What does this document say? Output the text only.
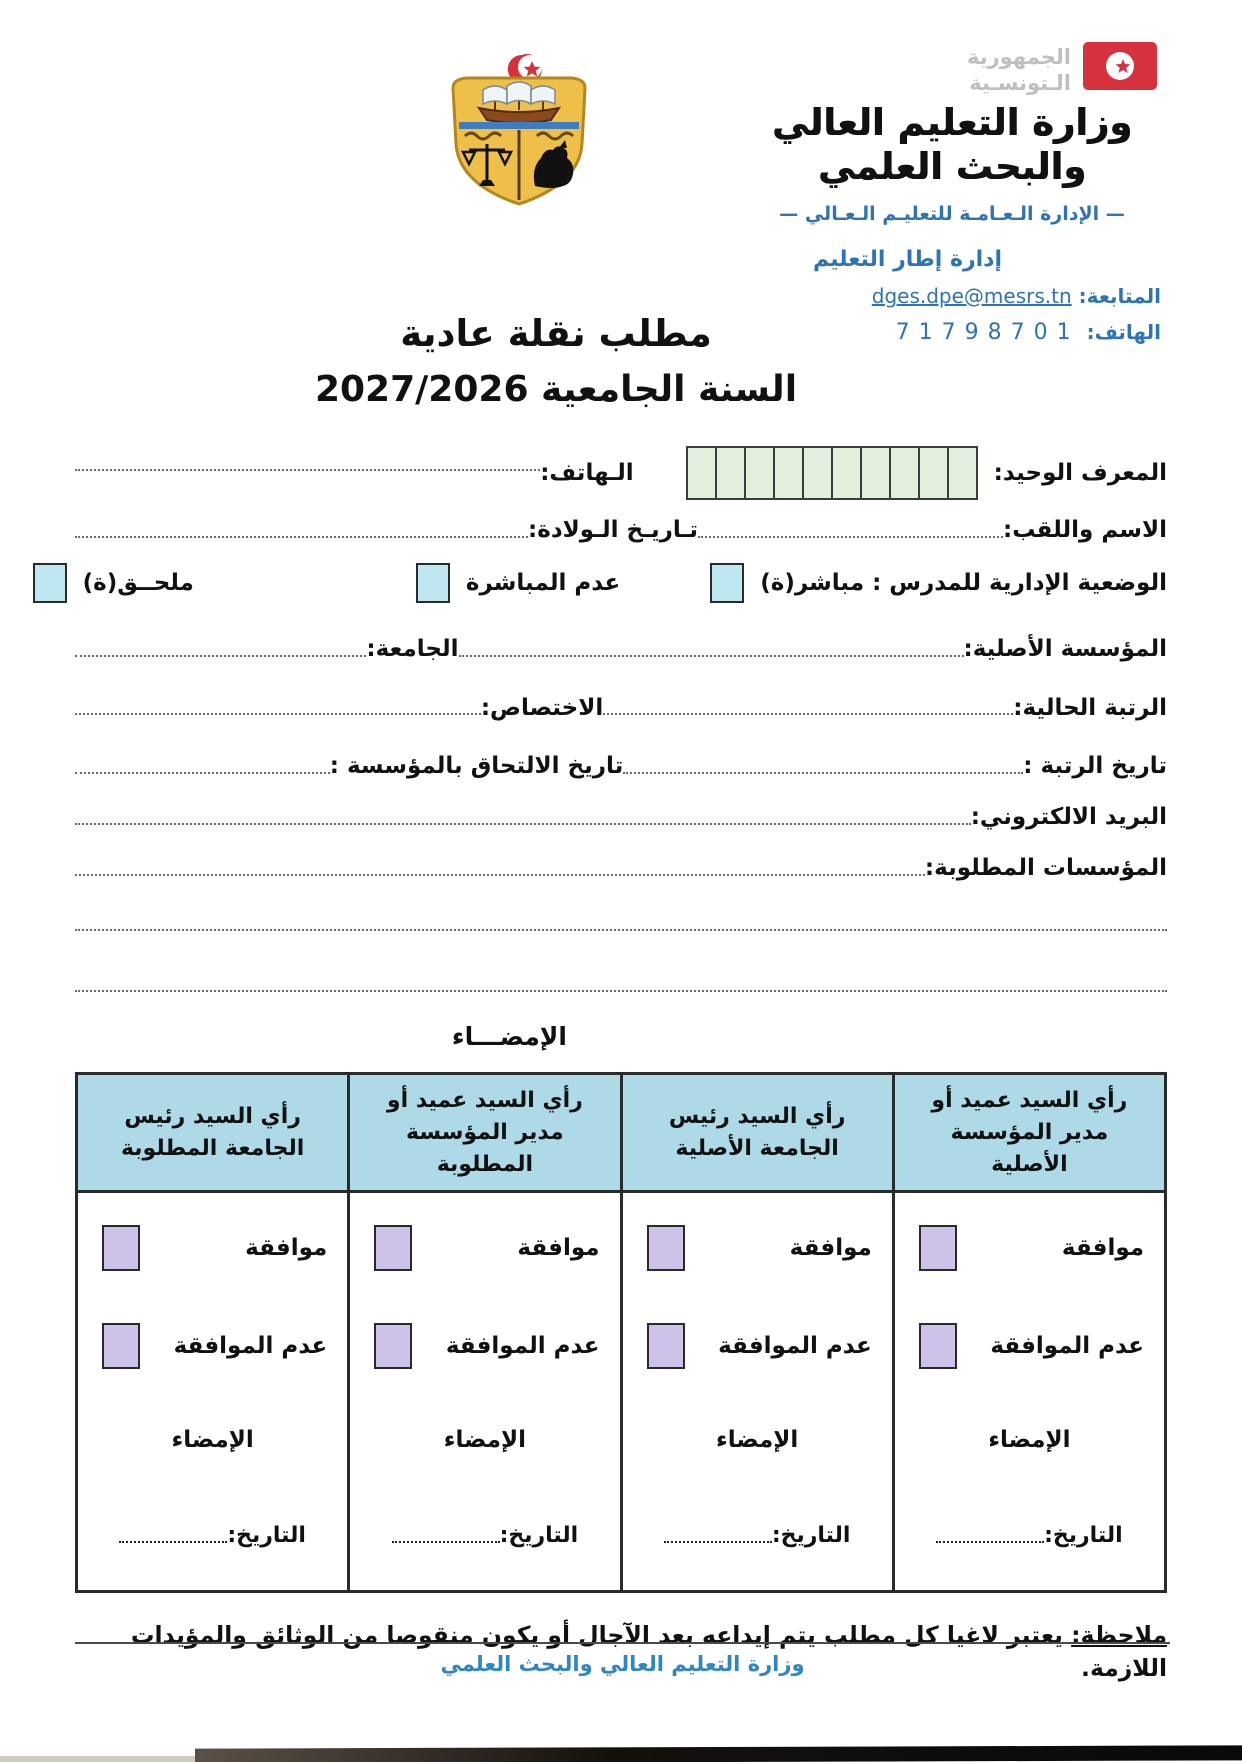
الجمهورية
الـتونسـية
وزارة التعليم العالي
والبحث العلمي
— الإدارة الـعـامـة للتعليـم الـعـالي —
إدارة إطار التعليم
المتابعة: dges.dpe@mesrs.tn
الهاتف: 71798701
مطلب نقلة عادية
السنة الجامعية 2027/2026
المعرف الوحيد:
الـهاتف:
الاسم واللقب:
تـاريـخ الـولادة:
الوضعية الإدارية للمدرس : مباشر(ة)
عدم المباشرة
ملحــق(ة)
المؤسسة الأصلية:
الجامعة:
الرتبة الحالية:
الاختصاص:
تاريخ الرتبة :
تاريخ الالتحاق بالمؤسسة :
البريد الالكتروني:
المؤسسات المطلوبة:
الإمضـــاء
رأي السيد عميد أو مدير المؤسسة الأصلية	رأي السيد رئيس الجامعة الأصلية	رأي السيد عميد أو مدير المؤسسة المطلوبة	رأي السيد رئيس الجامعة المطلوبة

موافقة
عدم الموافقة
الإمضاء
التاريخ:

موافقة
عدم الموافقة
الإمضاء
التاريخ:

موافقة
عدم الموافقة
الإمضاء
التاريخ:

موافقة
عدم الموافقة
الإمضاء
التاريخ:
ملاحظة: يعتبر لاغيا كل مطلب يتم إيداعه بعد الآجال أو يكون منقوصا من الوثائق والمؤيدات اللازمة.
وزارة التعليم العالي والبحث العلمي
